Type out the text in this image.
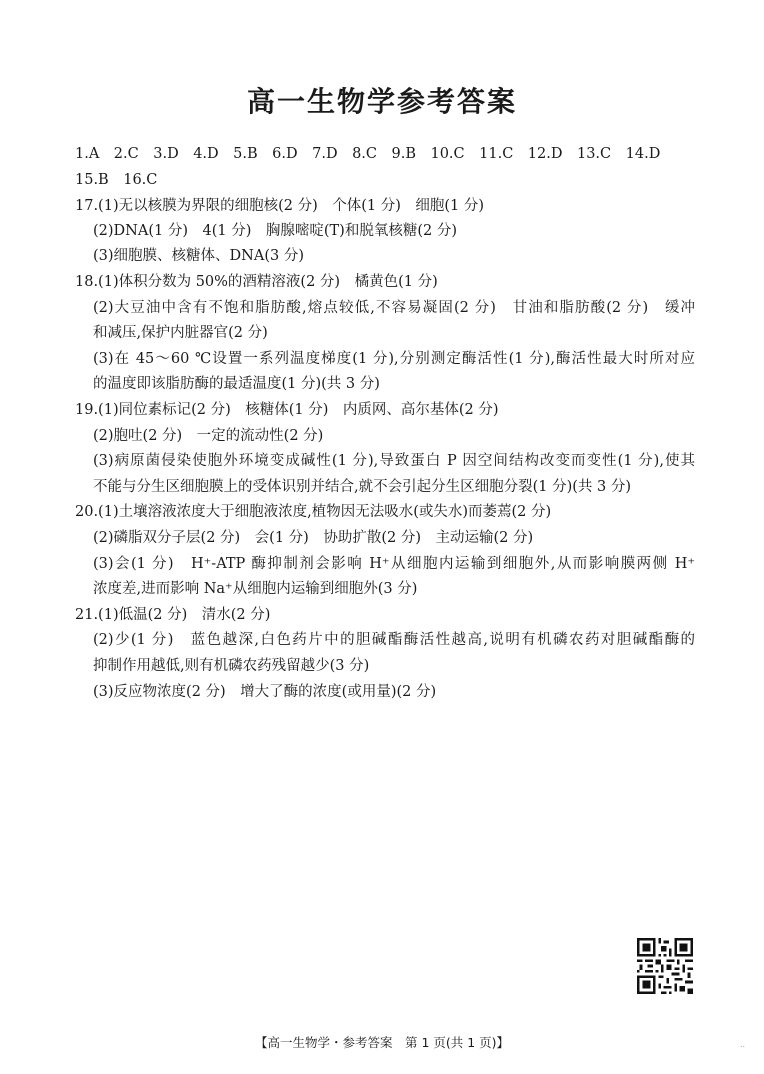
高一生物学参考答案
1.A　2.C　3.D　4.D　5.B　6.D　7.D　8.C　9.B　10.C　11.C　12.D　13.C　14.D
15.B　16.C
17.(1)无以核膜为界限的细胞核(2 分)　个体(1 分)　细胞(1 分)
(2)DNA(1 分)　4(1 分)　胸腺嘧啶(T)和脱氧核糖(2 分)
(3)细胞膜、核糖体、DNA(3 分)
18.(1)体积分数为 50%的酒精溶液(2 分)　橘黄色(1 分)
(2)大豆油中含有不饱和脂肪酸,熔点较低,不容易凝固(2 分)　甘油和脂肪酸(2 分)　缓冲
和减压,保护内脏器官(2 分)
(3)在 45～60 ℃设置一系列温度梯度(1 分),分别测定酶活性(1 分),酶活性最大时所对应
的温度即该脂肪酶的最适温度(1 分)(共 3 分)
19.(1)同位素标记(2 分)　核糖体(1 分)　内质网、高尔基体(2 分)
(2)胞吐(2 分)　一定的流动性(2 分)
(3)病原菌侵染使胞外环境变成碱性(1 分),导致蛋白 P 因空间结构改变而变性(1 分),使其
不能与分生区细胞膜上的受体识别并结合,就不会引起分生区细胞分裂(1 分)(共 3 分)
20.(1)土壤溶液浓度大于细胞液浓度,植物因无法吸水(或失水)而萎蔫(2 分)
(2)磷脂双分子层(2 分)　会(1 分)　协助扩散(2 分)　主动运输(2 分)
(3)会(1 分)　H⁺-ATP 酶抑制剂会影响 H⁺从细胞内运输到细胞外,从而影响膜两侧 H⁺
浓度差,进而影响 Na⁺从细胞内运输到细胞外(3 分)
21.(1)低温(2 分)　清水(2 分)
(2)少(1 分)　蓝色越深,白色药片中的胆碱酯酶活性越高,说明有机磷农药对胆碱酯酶的
抑制作用越低,则有机磷农药残留越少(3 分)
(3)反应物浓度(2 分)　增大了酶的浓度(或用量)(2 分)
【高一生物学・参考答案　第 1 页(共 1 页)】	..
